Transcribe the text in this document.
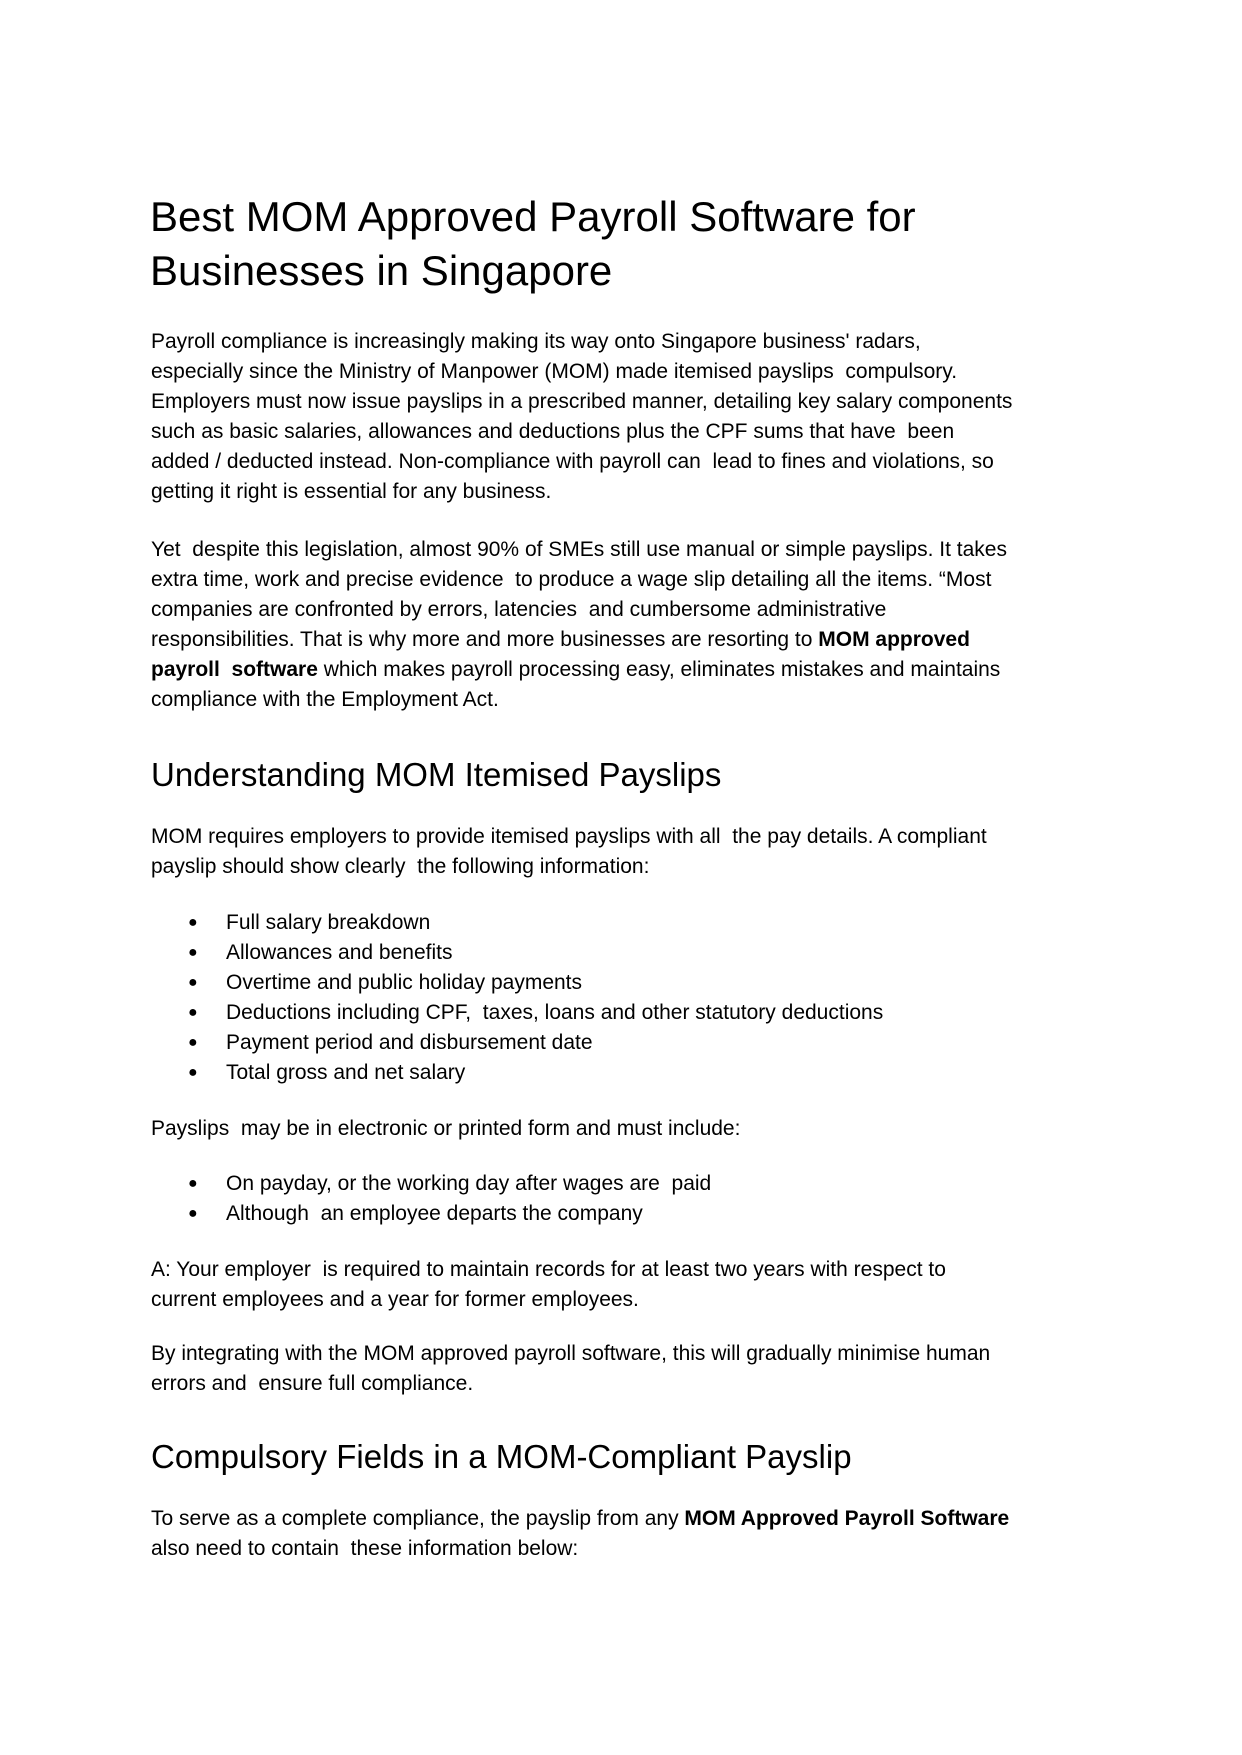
Best MOM Approved Payroll Software for
Businesses in Singapore
Payroll compliance is increasingly making its way onto Singapore business' radars,
especially since the Ministry of Manpower (MOM) made itemised payslips  compulsory.
Employers must now issue payslips in a prescribed manner, detailing key salary components
such as basic salaries, allowances and deductions plus the CPF sums that have  been
added / deducted instead. Non-compliance with payroll can  lead to fines and violations, so
getting it right is essential for any business.
Yet  despite this legislation, almost 90% of SMEs still use manual or simple payslips. It takes
extra time, work and precise evidence  to produce a wage slip detailing all the items. “Most
companies are confronted by errors, latencies  and cumbersome administrative
responsibilities. That is why more and more businesses are resorting to MOM approved
payroll  software which makes payroll processing easy, eliminates mistakes and maintains
compliance with the Employment Act.
Understanding MOM Itemised Payslips
MOM requires employers to provide itemised payslips with all  the pay details. A compliant
payslip should show clearly  the following information:
● Full salary breakdown
● Allowances and benefits
● Overtime and public holiday payments
● Deductions including CPF,  taxes, loans and other statutory deductions
● Payment period and disbursement date
● Total gross and net salary
Payslips  may be in electronic or printed form and must include:
● On payday, or the working day after wages are  paid
● Although  an employee departs the company
A: Your employer  is required to maintain records for at least two years with respect to
current employees and a year for former employees.
By integrating with the MOM approved payroll software, this will gradually minimise human
errors and  ensure full compliance.
Compulsory Fields in a MOM-Compliant Payslip
To serve as a complete compliance, the payslip from any MOM Approved Payroll Software
also need to contain  these information below:
